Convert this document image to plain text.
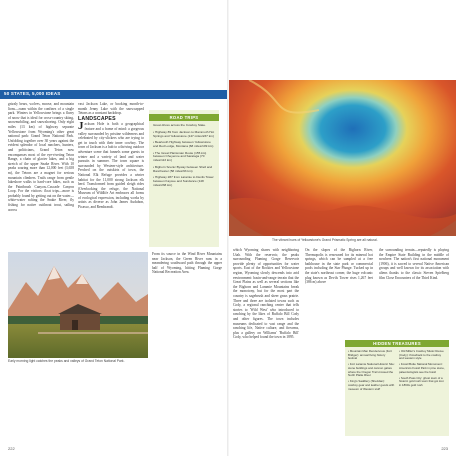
50 STATES, 5,000 IDEAS

grizzly bears, wolves, moose, and mountain lions—roam within the confines of a single park. Winters in Yellowstone brings a flurry of snow that is ideal for cross-country skiing, snowmobiling, and snowshoeing. Only eight miles (13 km) of highway separate Yellowstone from Wyoming's other great national park: Grand Teton National Park. Unfolding together over 30 years against the evident splendor of local ranchers, hunters, and politicians, Grand Teton now encompasses most of the eye-riveting Teton Range, a chain of glacier lakes, and a big stretch of the upper Snake River. With 10 peaks soaring more than 12,000 feet (3,658 m), the Tetons are a magnet for serious mountain climbers. Trails range from gentle lakeshore walks to hard-core hikes, such as the Paintbrush Canyon–Cascade Canyon Loop. For the visitors: float trips—more is probably found by getting out on the water—white-water rafting the Snake River, fly fishing for native cutthroat trout, sailing across

vast Jackson Lake, or booking month-to-month Jenny Lake with the snowcapped Tetons as a constant backdrop.

LANDSCAPES

Jackson Hole is both a geographical feature and a frame of mind: a gorgeous valley surrounded by pristine wilderness and celebrated by city-slickers who are trying to get in touch with their inner cowboy. The town of Jackson is a hub to a thriving outdoor adventure scene that funnels some guests in winter and a variety of land and water pursuits in summer. The town square is surrounded by Western-style architecture. Perched on the outskirts of town, the National Elk Refuge provides a winter habitat for the 11,000 strong Jackson elk herd. Transformed from guided sleigh rides (Overlooking the refuge, the National Museum of Wildlife Art embraces all forms of ecological expression, including works by artists as diverse as John James Audubon, Picasso, and Rembrandt.

ROAD TRIPS
Great drives across the Cowboy State.
• Highway 89 from Jackson to Mammoth Hot Springs and Yellowstone (147 miles/237 km)
• Beartooth Highway between Yellowstone and Red Lodge, Montana (68 miles/109 km)
• The Great Plainsman Route (155 km) between Cheyenne and Saratoga (70 miles/113 km)
• Bighorn Scenic Byway between Shell and Ranchester (58 miles/93 km)
• Highway 287 from Laramie to Devils Tower between Kaycee and Sundance (148 miles/238 km)
Early morning light catches the peaks and valleys of Grand Teton National Park.

From its source in the Wind River Mountains near Jackson, the Green River runs in a meandering southward path through the upper half of Wyoming, hitting Flaming Gorge National Recreation Area.

222
The vibrant hues of Yellowstone's Grand Prismatic Spring are all natural.

which Wyoming shares with neighboring Utah. With the reservoir, the peaks surrounding Flaming Gorge Reservoir provide plenty of opportunities for water sports. East of the Rockies and Yellowstone region, Wyoming slowly descends into arid environment: basin-and-range terrain that the Great Plains as well as several sections like the Bighorn and Laramie Mountains break the monotony, but for the most part the country is sagebrush and sheer grass prairie. Three and three are isolated towns such as Cody, a regional ranching center that tells stories to 'Wild West' who introduced to ranching by the likes of Buffalo Bill Cody and other figures. The town includes museums dedicated to vast range and the ranching life, Native culture, and firearms, plus a gallery on Williams' 'Buffalo Bill' Cody, who helped found the town in 1895.

On the slopes of the Bighorn River, Thermopolis is renowned for its mineral hot springs, which can be sampled at a free bathhouse in the state park or commercial pools including the Star Plunge. Tucked up in the state's northeast corner, the huge volcanic plug known as Devils Tower rises 1,267 feet (386 m) above

the surrounding terrain—reputedly is playing the Empire State Building in the middle of nowhere. The nation's first national monument (1906), it is sacred to several Native American groups and well known for its association with aliens thanks to the classic Steven Spielberg film Close Encounters of the Third Kind.

HIDDEN TREASURES
• Mountain Man Rendezvous (Fort Bridger): annual living history festival
• Fort Laramie National Historic Site: stone buildings and cannon galore where the Oregon Trail crossed the North Platte River
• King's Saddlery (Sheridan): cowboy gear and leather goods with museum of Western stuff
• Old Miller's Cowboy Music Revue (Cody): throwback to the cowboy and western style
• Fossil Butte National Monument: America's Fossil Park in pine stone, paleontologists see the fossil
• South Pass City: ghost town of a historic gold rush town that got lost in 1860s gold rush
223
